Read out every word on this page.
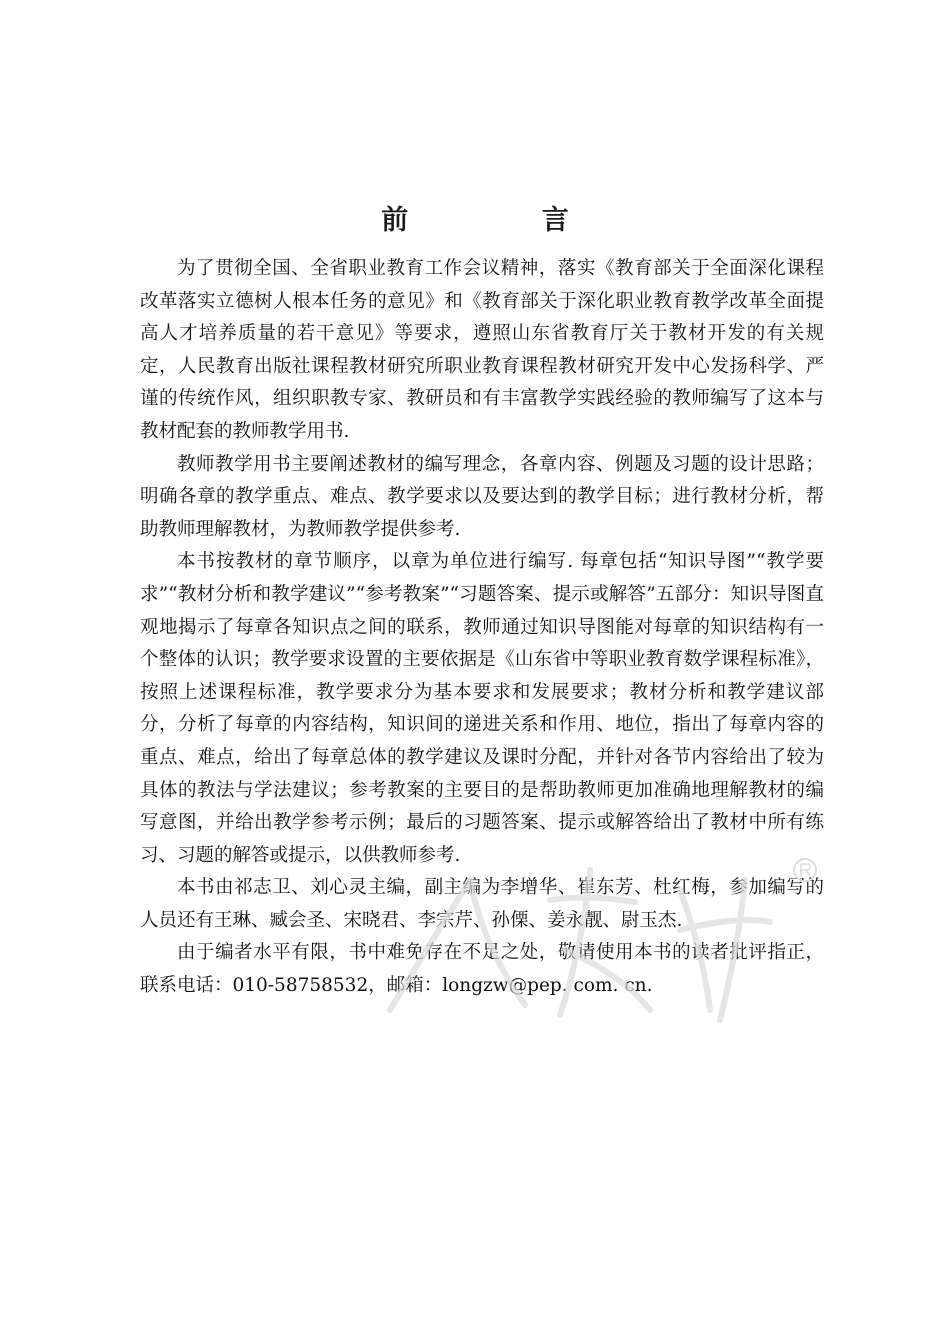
前 言

为了贯彻全国、全省职业教育工作会议精神，落实《教育部关于全面深化课程改革落实立德树人根本任务的意见》和《教育部关于深化职业教育教学改革全面提高人才培养质量的若干意见》等要求，遵照山东省教育厅关于教材开发的有关规定，人民教育出版社课程教材研究所职业教育课程教材研究开发中心发扬科学、严谨的传统作风，组织职教专家、教研员和有丰富教学实践经验的教师编写了这本与教材配套的教师教学用书.

教师教学用书主要阐述教材的编写理念，各章内容、例题及习题的设计思路；明确各章的教学重点、难点、教学要求以及要达到的教学目标；进行教材分析，帮助教师理解教材，为教师教学提供参考.

本书按教材的章节顺序，以章为单位进行编写. 每章包括“知识导图”“教学要求”“教材分析和教学建议”“参考教案”“习题答案、提示或解答”五部分：知识导图直观地揭示了每章各知识点之间的联系，教师通过知识导图能对每章的知识结构有一个整体的认识；教学要求设置的主要依据是《山东省中等职业教育数学课程标准》，按照上述课程标准，教学要求分为基本要求和发展要求；教材分析和教学建议部分，分析了每章的内容结构，知识间的递进关系和作用、地位，指出了每章内容的重点、难点，给出了每章总体的教学建议及课时分配，并针对各节内容给出了较为具体的教法与学法建议；参考教案的主要目的是帮助教师更加准确地理解教材的编写意图，并给出教学参考示例；最后的习题答案、提示或解答给出了教材中所有练习、习题的解答或提示，以供教师参考.

本书由祁志卫、刘心灵主编，副主编为李增华、崔东芳、杜红梅，参加编写的人员还有王琳、臧会圣、宋晓君、李宗芹、孙傈、姜永靓、尉玉杰.

由于编者水平有限，书中难免存在不足之处，敬请使用本书的读者批评指正，联系电话：010-58758532，邮箱：longzw@pep. com. cn.
